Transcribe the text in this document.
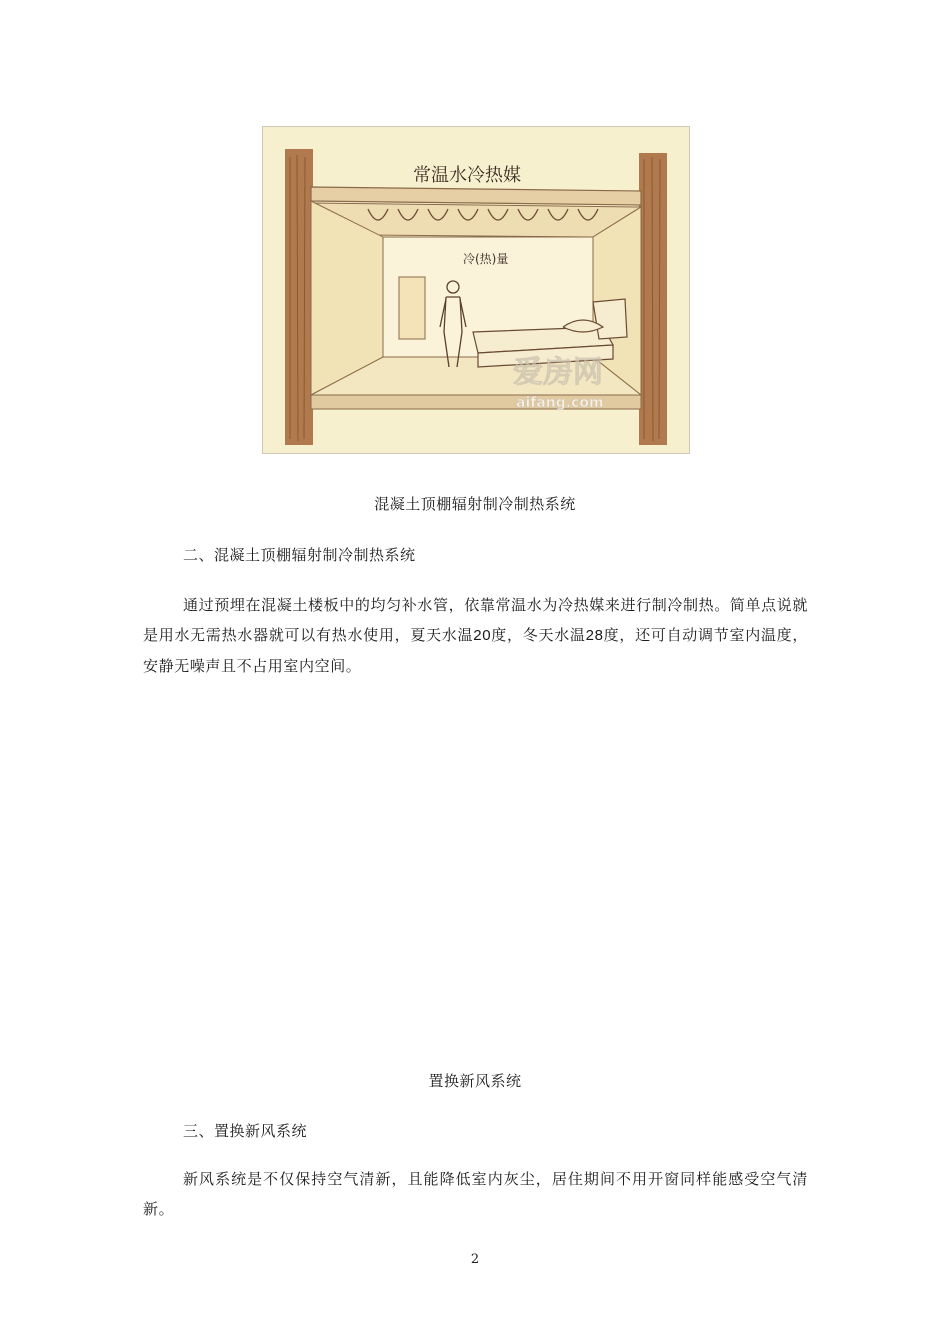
常温水冷热媒
冷(热)量
爱房网
aifang.com
混凝土顶棚辐射制冷制热系统
二、混凝土顶棚辐射制冷制热系统
通过预埋在混凝土楼板中的均匀补水管，依靠常温水为冷热媒来进行制冷制热。简单点说就是用水无需热水器就可以有热水使用，夏天水温20度，冬天水温28度，还可自动调节室内温度，安静无噪声且不占用室内空间。
置换新风系统
三、置换新风系统
新风系统是不仅保持空气清新，且能降低室内灰尘，居住期间不用开窗同样能感受空气清新。
2
